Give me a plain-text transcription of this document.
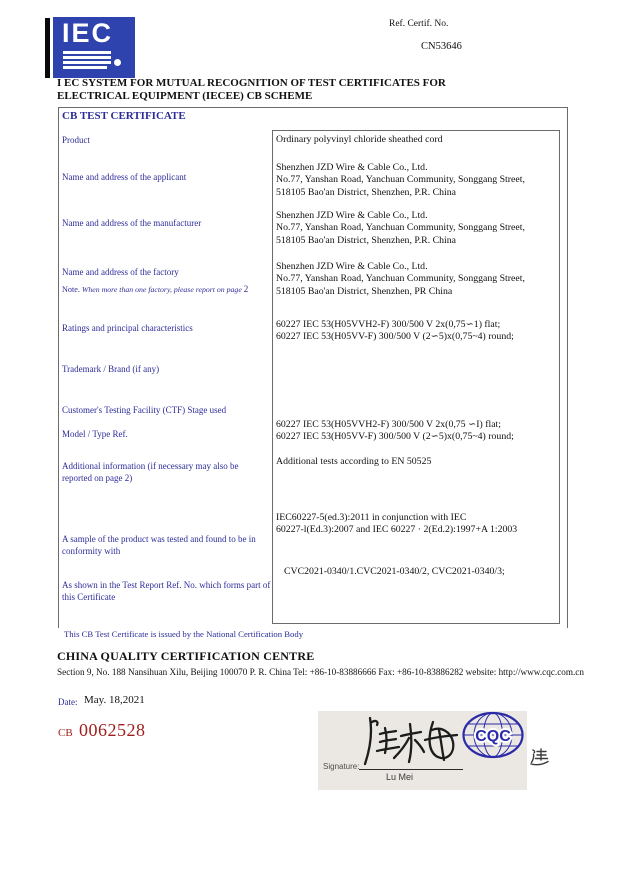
IEC	Ref. Certif. No.
CN53646
I EC SYSTEM FOR MUTUAL RECOGNITION OF TEST CERTIFICATES FOR ELECTRICAL EQUIPMENT (IECEE) CB SCHEME
CB TEST CERTIFICATE
Product
Name and address of the applicant
Name and address of the manufacturer
Name and address of the factory
Note. When more than one factory, please report on page 2
Ratings and principal characteristics
Trademark / Brand (if any)
Customer's Testing Facility (CTF) Stage used
Model / Type Ref.
Additional information (if necessary may also be reported on page 2)
A sample of the product was tested and found to be in conformity with
As shown in the Test Report Ref. No. which forms part of this Certificate
Ordinary polyvinyl chloride sheathed cord
Shenzhen JZD Wire & Cable Co., Ltd.
No.77, Yanshan Road, Yanchuan Community, Songgang Street,
518105 Bao'an District, Shenzhen, P.R. China
Shenzhen JZD Wire & Cable Co., Ltd.
No.77, Yanshan Road, Yanchuan Community, Songgang Street,
518105 Bao'an District, Shenzhen, P.R. China
Shenzhen JZD Wire & Cable Co., Ltd.
No.77, Yanshan Road, Yanchuan Community, Songgang Street,
518105 Bao'an District, Shenzhen, PR China
60227 IEC 53(H05VVH2-F) 300/500 V 2x(0,75∽1) flat;
60227 IEC 53(H05VV-F) 300/500 V (2∽5)x(0,75~4) round;
60227 IEC 53(H05VVH2-F) 300/500 V 2x(0,75 ∽I) flat;
60227 IEC 53(H05VV-F) 300/500 V (2∽5)x(0,75~4) round;
Additional tests according to EN 50525
IEC60227-5(ed.3):2011 in conjunction with IEC
60227-l(Ed.3):2007 and IEC 60227 · 2(Ed.2):1997+A 1:2003
CVC2021-0340/1.CVC2021-0340/2, CVC2021-0340/3;
This CB Test Certificate is issued by the National Certification Body
CHINA QUALITY CERTIFICATION CENTRE
Section 9, No. 188 Nansihuan Xilu, Beijing 100070 P. R. China Tel: +86-10-83886666 Fax: +86-10-83886282 website: http://www.cqc.com.cn
Date: May. 18,2021
CB 0062528	CQC
Signature:
Lu Mei
